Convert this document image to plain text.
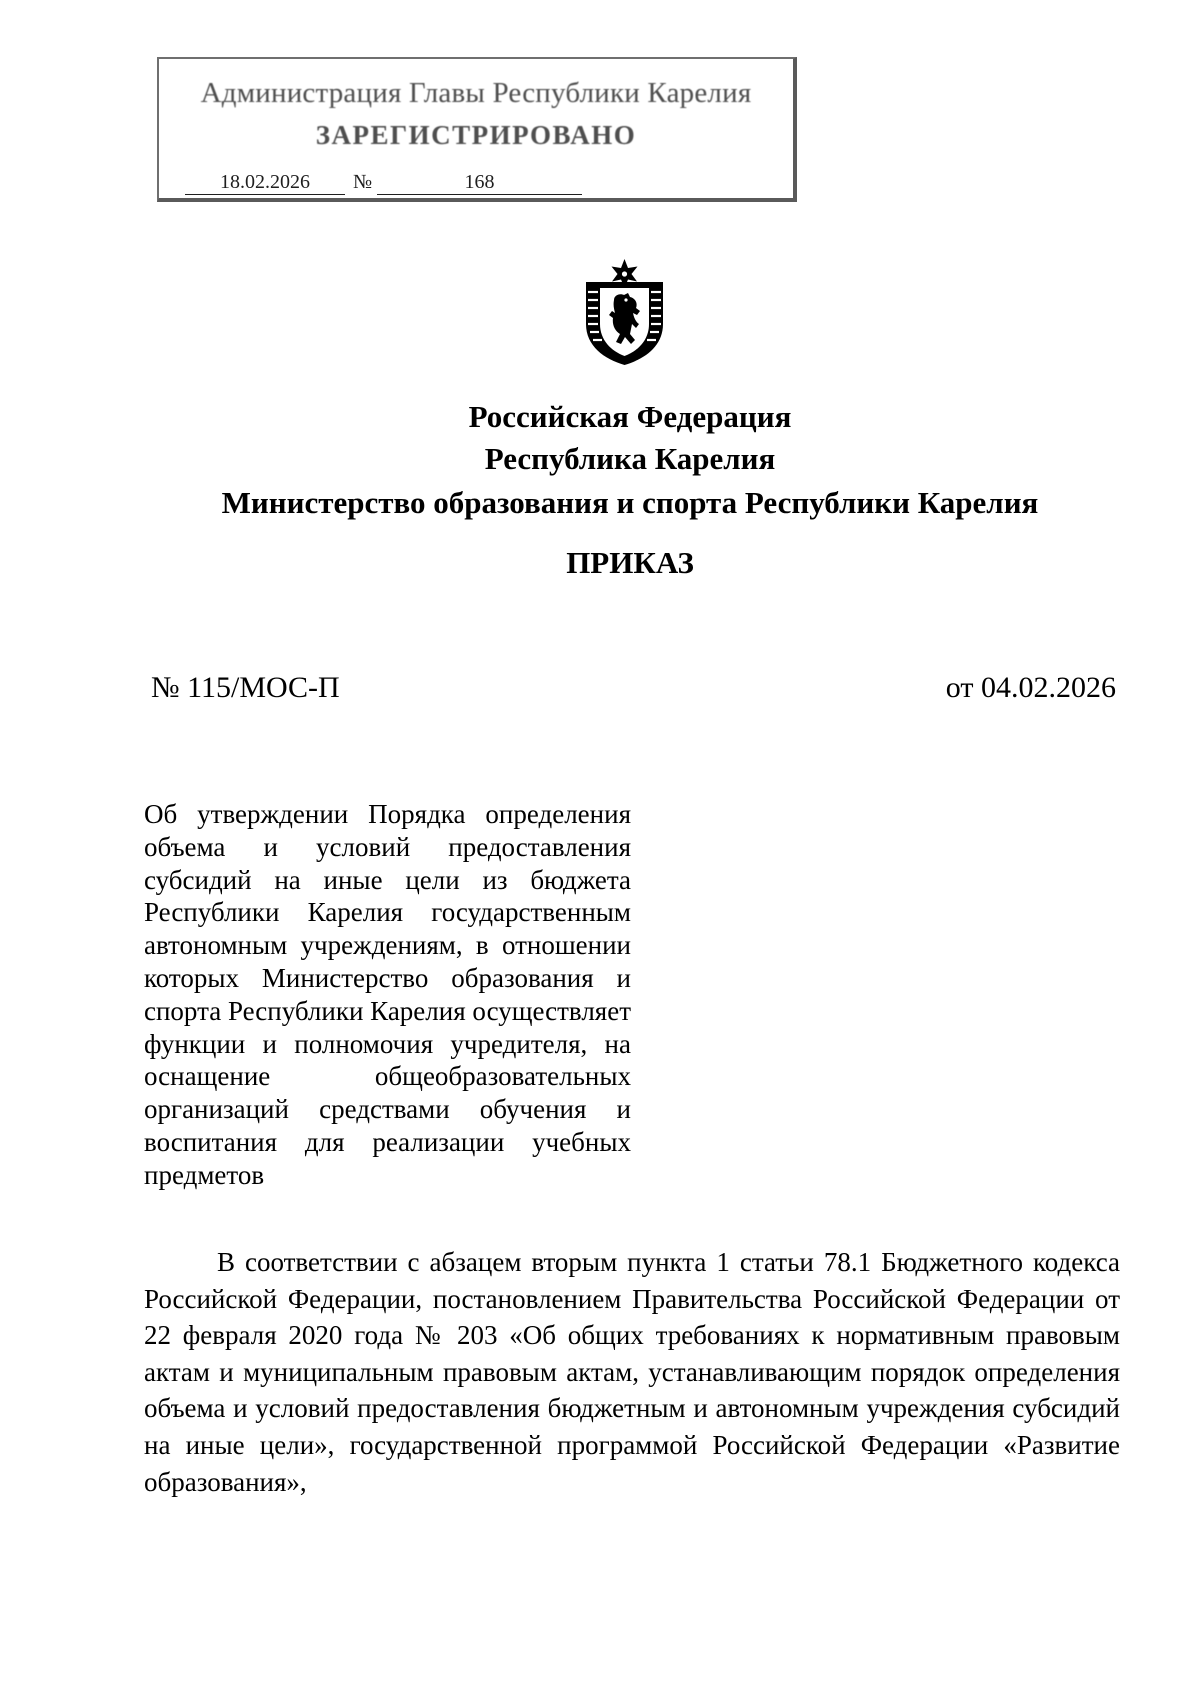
Администрация Главы Республики Карелия
ЗАРЕГИСТРИРОВАНО
18.02.2026	№	168
Российская Федерация
Республика Карелия
Министерство образования и спорта Республики Карелия
ПРИКАЗ
№ 115/МОС-П	от 04.02.2026
Об утверждении Порядка определения объема и условий предоставления субсидий на иные цели из бюджета Республики Карелия государственным автономным учреждениям, в отношении которых Министерство образования и спорта Республики Карелия осуществляет функции и полномочия учредителя, на оснащение общеобразовательных организаций средствами обучения и воспитания для реализации учебных предметов
В соответствии с абзацем вторым пункта 1 статьи 78.1 Бюджетного кодекса Российской Федерации, постановлением Правительства Российской Федерации от 22 февраля 2020 года № 203 «Об общих требованиях к нормативным правовым актам и муниципальным правовым актам, устанавливающим порядок определения объема и условий предоставления бюджетным и автономным учреждения субсидий на иные цели», государственной программой Российской Федерации «Развитие образования»,
